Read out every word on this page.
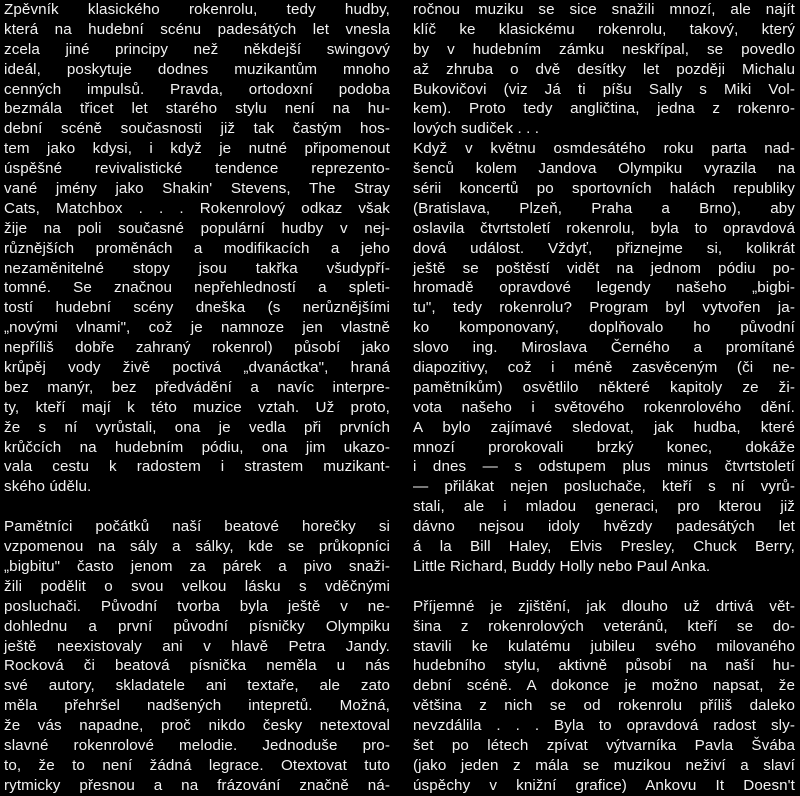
Zpěvník klasického rokenrolu, tedy hudby,
která na hudební scénu padesátých let vnesla
zcela jiné principy než někdejší swingový
ideál, poskytuje dodnes muzikantům mnoho
cenných impulsů. Pravda, ortodoxní podoba
bezmála třicet let starého stylu není na hu-
dební scéně současnosti již tak častým hos-
tem jako kdysi, i když je nutné připomenout
úspěšné revivalistické tendence reprezento-
vané jmény jako Shakin' Stevens, The Stray
Cats, Matchbox . . . Rokenrolový odkaz však
žije na poli současné populární hudby v nej-
různějších proměnách a modifikacích a jeho
nezaměnitelné stopy jsou takřka všudypří-
tomné. Se značnou nepřehledností a spleti-
tostí hudební scény dneška (s nerůznějšími
„novými vlnami", což je namnoze jen vlastně
nepříliš dobře zahraný rokenrol) působí jako
krůpěj vody živě poctivá „dvanáctka", hraná
bez manýr, bez předvádění a navíc interpre-
ty, kteří mají k této muzice vztah. Už proto,
že s ní vyrůstali, ona je vedla při prvních
krůčcích na hudebním pódiu, ona jim ukazo-
vala cestu k radostem i strastem muzikant-
ského údělu.
Pamětníci počátků naší beatové horečky si
vzpomenou na sály a sálky, kde se průkopníci
„bigbitu" často jenom za párek a pivo snaži-
žili podělit o svou velkou lásku s vděčnými
posluchači. Původní tvorba byla ještě v ne-
dohlednu a první původní písničky Olympiku
ještě neexistovaly ani v hlavě Petra Jandy.
Rocková či beatová písnička neměla u nás
své autory, skladatele ani textaře, ale zato
měla přehršel nadšených intepretů. Možná,
že vás napadne, proč nikdo česky netextoval
slavné rokenrolové melodie. Jednoduše pro-
to, že to není žádná legrace. Otextovat tuto
rytmicky přesnou a na frázování značně ná-
ročnou muziku se sice snažili mnozí, ale najít
klíč ke klasickému rokenrolu, takový, který
by v hudebním zámku neskřípal, se povedlo
až zhruba o dvě desítky let později Michalu
Bukovičovi (viz Já ti píšu Sally s Miki Vol-
kem). Proto tedy angličtina, jedna z rokenro-
lových sudiček . . .
Když v květnu osmdesátého roku parta nad-
šenců kolem Jandova Olympiku vyrazila na
sérii koncertů po sportovních halách republiky
(Bratislava, Plzeň, Praha a Brno), aby
oslavila čtvrtstoletí rokenrolu, byla to opravdová
dová událost. Vždyť, přiznejme si, kolikrát
ještě se poštěstí vidět na jednom pódiu po-
hromadě opravdové legendy našeho „bigbi-
tu", tedy rokenrolu? Program byl vytvořen ja-
ko komponovaný, doplňovalo ho původní
slovo ing. Miroslava Černého a promítané
diapozitivy, což i méně zasvěceným (či ne-
pamětníkům) osvětlilo některé kapitoly ze ži-
vota našeho i světového rokenrolového dění.
A bylo zajímavé sledovat, jak hudba, které
mnozí prorokovali brzký konec, dokáže
i dnes — s odstupem plus minus čtvrtstoletí
— přilákat nejen posluchače, kteří s ní vyrů-
stali, ale i mladou generaci, pro kterou již
dávno nejsou idoly hvězdy padesátých let
á la Bill Haley, Elvis Presley, Chuck Berry,
Little Richard, Buddy Holly nebo Paul Anka.
Příjemné je zjištění, jak dlouho už drtivá vět-
šina z rokenrolových veteránů, kteří se do-
stavili ke kulatému jubileu svého milovaného
hudebního stylu, aktivně působí na naší hu-
dební scéně. A dokonce je možno napsat, že
většina z nich se od rokenrolu příliš daleko
nevzdálila . . . Byla to opravdová radost sly-
šet po létech zpívat výtvarníka Pavla Švába
(jako jeden z mála se muzikou neživí a slaví
úspěchy v knižní grafice) Ankovu It Doesn't
